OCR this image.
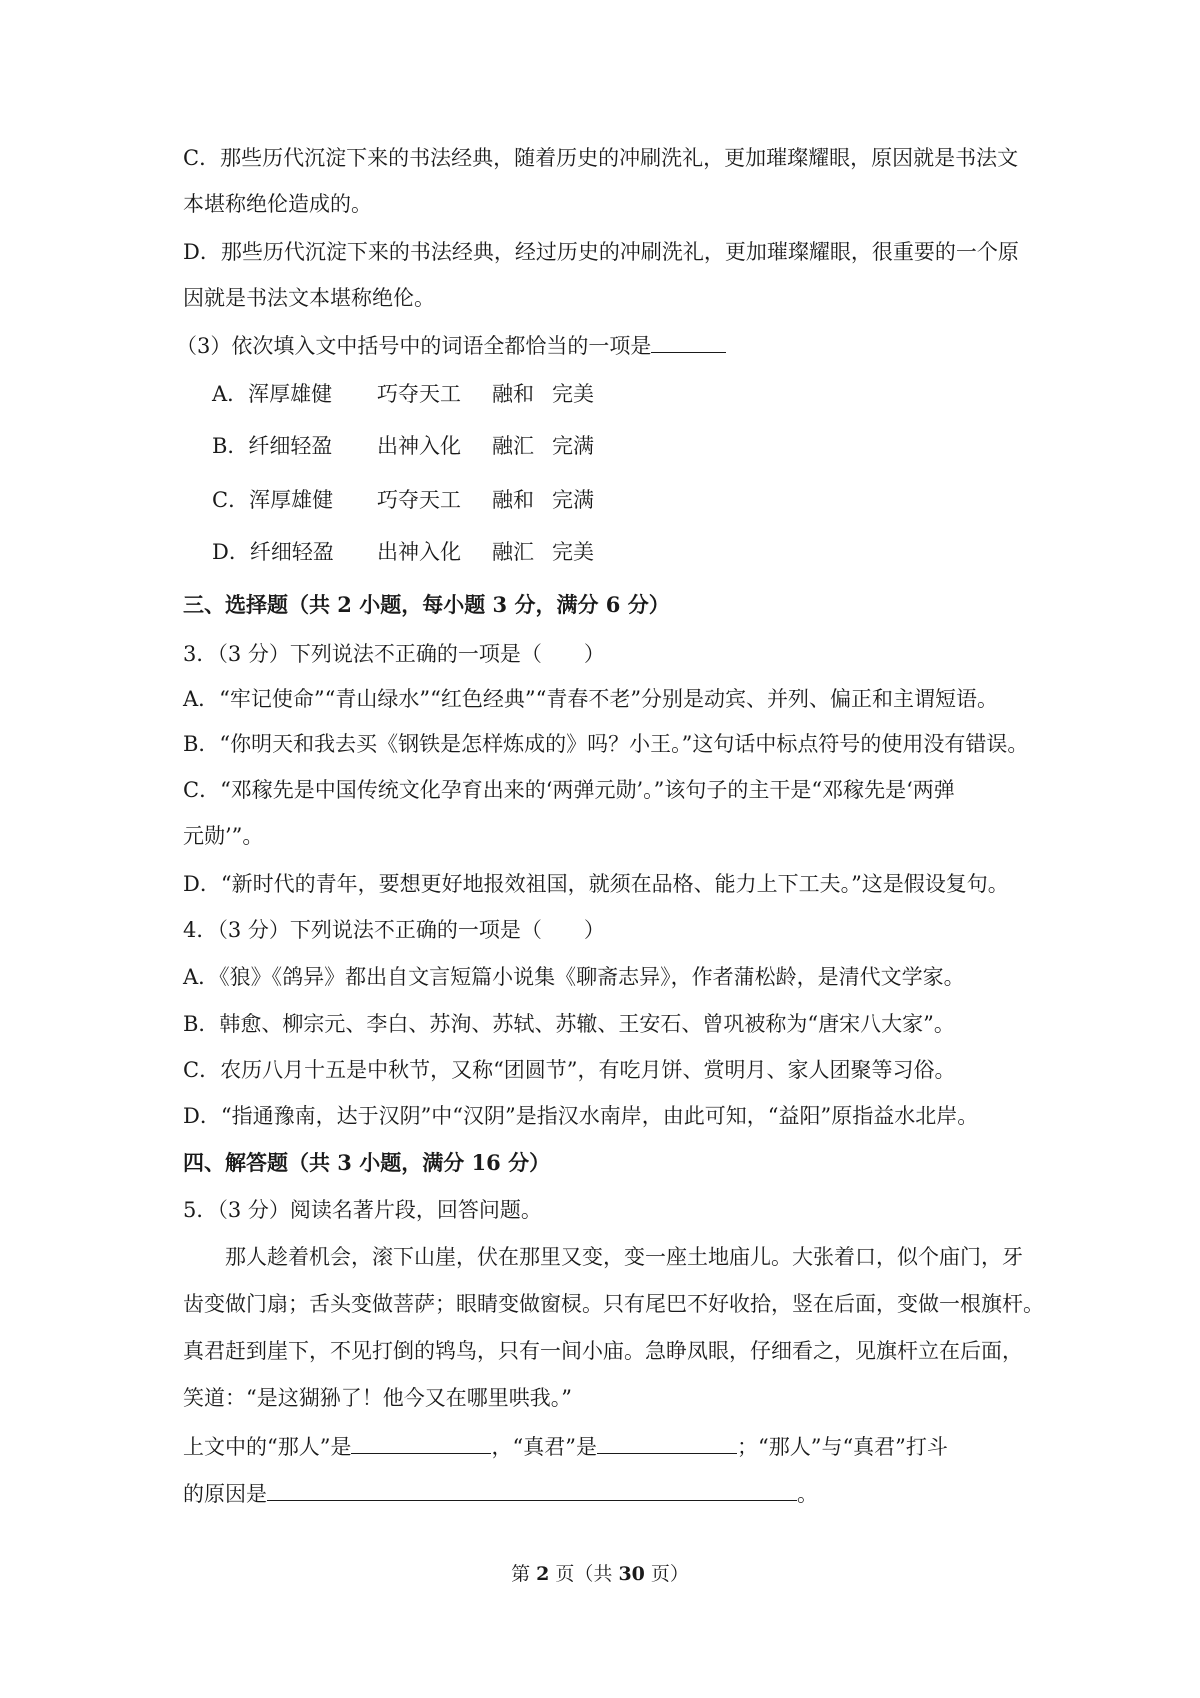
C．那些历代沉淀下来的书法经典，随着历史的冲刷洗礼，更加璀璨耀眼，原因就是书法文
本堪称绝伦造成的。
D．那些历代沉淀下来的书法经典，经过历史的冲刷洗礼，更加璀璨耀眼，很重要的一个原
因就是书法文本堪称绝伦。
（3）依次填入文中括号中的词语全都恰当的一项是
A．浑厚雄健 巧夺天工 融和 完美
B．纤细轻盈 出神入化 融汇 完满
C．浑厚雄健 巧夺天工 融和 完满
D．纤细轻盈 出神入化 融汇 完美
三、选择题（共 2 小题，每小题 3 分，满分 6 分）
3．（3 分）下列说法不正确的一项是（　　）
A．“牢记使命”“青山绿水”“红色经典”“青春不老”分别是动宾、并列、偏正和主谓短语。
B．“你明天和我去买《钢铁是怎样炼成的》吗？小王。”这句话中标点符号的使用没有错误。
C．“邓稼先是中国传统文化孕育出来的‘两弹元勋’。”该句子的主干是“邓稼先是‘两弹
元勋’”。
D．“新时代的青年，要想更好地报效祖国，就须在品格、能力上下工夫。”这是假设复句。
4．（3 分）下列说法不正确的一项是（　　）
A．《狼》《鸽异》都出自文言短篇小说集《聊斋志异》，作者蒲松龄，是清代文学家。
B．韩愈、柳宗元、李白、苏洵、苏轼、苏辙、王安石、曾巩被称为“唐宋八大家”。
C．农历八月十五是中秋节，又称“团圆节”，有吃月饼、赏明月、家人团聚等习俗。
D．“指通豫南，达于汉阴”中“汉阴”是指汉水南岸，由此可知，“益阳”原指益水北岸。
四、解答题（共 3 小题，满分 16 分）
5．（3 分）阅读名著片段，回答问题。
那人趁着机会，滚下山崖，伏在那里又变，变一座土地庙儿。大张着口，似个庙门，牙
齿变做门扇；舌头变做菩萨；眼睛变做窗棂。只有尾巴不好收拾，竖在后面，变做一根旗杆。
真君赶到崖下，不见打倒的鸨鸟，只有一间小庙。急睁凤眼，仔细看之，见旗杆立在后面，
笑道：“是这猢狲了！他今又在哪里哄我。”
上文中的“那人”是	，“真君”是	；“那人”与“真君”打斗
的原因是	。
第 2 页（共 30 页）
